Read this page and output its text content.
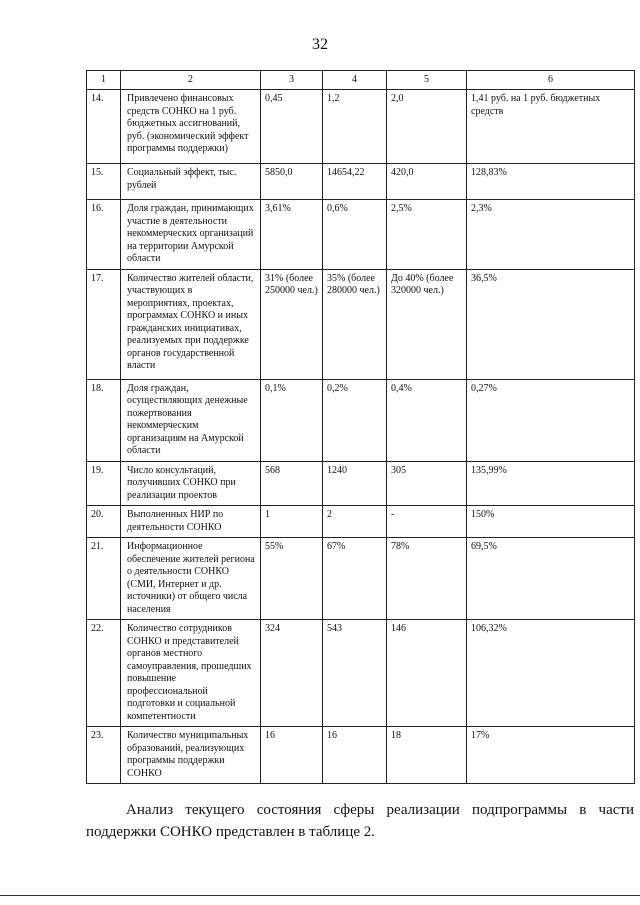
32
1	2	3	4	5	6
14.	Привлечено финансовых средств СОНКО на 1 руб. бюджетных ассигнований, руб. (экономический эффект программы поддержки)	0,45	1,2	2,0	1,41 руб. на 1 руб. бюджетных средств
15.	Социальный эффект, тыс. рублей	5850,0	14654,22	420,0	128,83%
16.	Доля граждан, принимающих участие в деятельности некоммерческих организаций на территории Амурской области	3,61%	0,6%	2,5%	2,3%
17.	Количество жителей области, участвующих в мероприятиях, проектах, программах СОНКО и иных гражданских инициативах, реализуемых при поддержке органов государственной власти	31% (более 250000 чел.)	35% (более 280000 чел.)	До 40% (более 320000 чел.)	36,5%
18.	Доля граждан, осуществляющих денежные пожертвования некоммерческим организациям на Амурской области	0,1%	0,2%	0,4%	0,27%
19.	Число консультаций, получивших СОНКО при реализации проектов	568	1240	305	135,99%
20.	Выполненных НИР по деятельности СОНКО	1	2	-	150%
21.	Информационное обеспечение жителей региона о деятельности СОНКО (СМИ, Интернет и др. источники) от общего числа населения	55%	67%	78%	69,5%
22.	Количество сотрудников СОНКО и представителей органов местного самоуправления, прошедших повышение профессиональной подготовки и социальной компетентности	324	543	146	106,32%
23.	Количество муниципальных образований, реализующих программы поддержки СОНКО	16	16	18	17%
Анализ текущего состояния сферы реализации подпрограммы в части поддержки СОНКО представлен в таблице 2.
